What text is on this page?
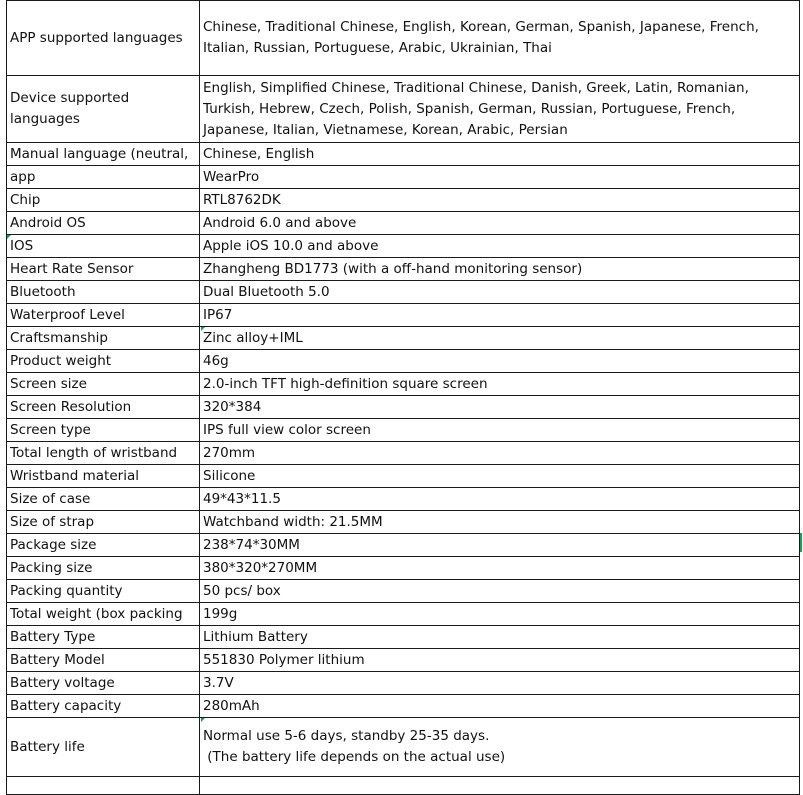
APP supported languages	Chinese, Traditional Chinese, English, Korean, German, Spanish, Japanese, French, Italian, Russian, Portuguese, Arabic, Ukrainian, Thai
Device supported languages	English, Simplified Chinese, Traditional Chinese, Danish, Greek, Latin, Romanian, Turkish, Hebrew, Czech, Polish, Spanish, German, Russian, Portuguese, French, Japanese, Italian, Vietnamese, Korean, Arabic, Persian
Manual language (neutral,	Chinese, English
app	WearPro
Chip	RTL8762DK
Android OS	Android 6.0 and above
IOS	Apple iOS 10.0 and above
Heart Rate Sensor	Zhangheng BD1773 (with a off-hand monitoring sensor)
Bluetooth	Dual Bluetooth 5.0
Waterproof Level	IP67
Craftsmanship	Zinc alloy+IML
Product weight	46g
Screen size	2.0-inch TFT high-definition square screen
Screen Resolution	320*384
Screen type	IPS full view color screen
Total length of wristband	270mm
Wristband material	Silicone
Size of case	49*43*11.5
Size of strap	Watchband width: 21.5MM
Package size	238*74*30MM
Packing size	380*320*270MM
Packing quantity	50 pcs/ box
Total weight (box packing	199g
Battery Type	Lithium Battery
Battery Model	551830 Polymer lithium
Battery voltage	3.7V
Battery capacity	280mAh
Battery life	Normal use 5-6 days, standby 25-35 days.
(The battery life depends on the actual use)
